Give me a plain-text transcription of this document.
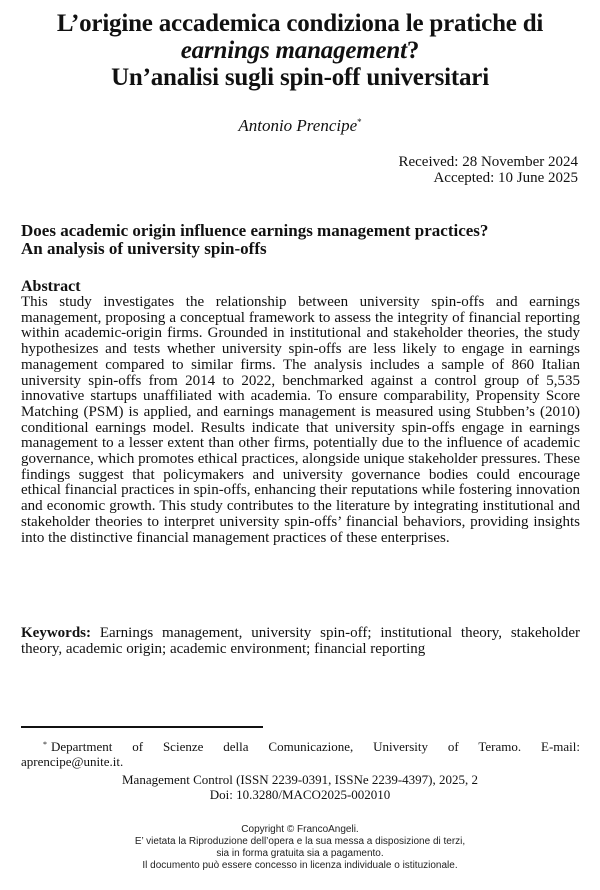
L’origine accademica condiziona le pratiche di
earnings management?
Un’analisi sugli spin-off universitari
Antonio Prencipe*
Received: 28 November 2024
Accepted: 10 June 2025
Does academic origin influence earnings management practices?
An analysis of university spin-offs
Abstract
This study investigates the relationship between university spin-offs and earnings management, proposing a conceptual framework to assess the integrity of financial reporting within academic-origin firms. Grounded in institutional and stakeholder theories, the study hypothesizes and tests whether university spin-offs are less likely to engage in earnings management compared to similar firms. The analysis includes a sample of 860 Italian university spin-offs from 2014 to 2022, benchmarked against a control group of 5,535 innovative startups unaffiliated with academia. To ensure comparability, Propensity Score Matching (PSM) is applied, and earnings management is measured using Stubben’s (2010) conditional earnings model. Results indicate that university spin-offs engage in earnings management to a lesser extent than other firms, potentially due to the influence of academic governance, which promotes ethical practices, alongside unique stakeholder pressures. These findings suggest that policymakers and university governance bodies could encourage ethical financial practices in spin-offs, enhancing their reputations while fostering innovation and economic growth. This study contributes to the literature by integrating institutional and stakeholder theories to interpret university spin-offs’ financial behaviors, providing insights into the distinctive financial management practices of these enterprises.
Keywords: Earnings management, university spin-off; institutional theory, stakeholder theory, academic origin; academic environment; financial reporting
* Department of Scienze della Comunicazione, University of Teramo. E-mail: aprencipe@unite.it.
Management Control (ISSN 2239-0391, ISSNe 2239-4397), 2025, 2
Doi: 10.3280/MACO2025-002010
Copyright © FrancoAngeli.
E’ vietata la Riproduzione dell’opera e la sua messa a disposizione di terzi,
sia in forma gratuita sia a pagamento.
Il documento può essere concesso in licenza individuale o istituzionale.
